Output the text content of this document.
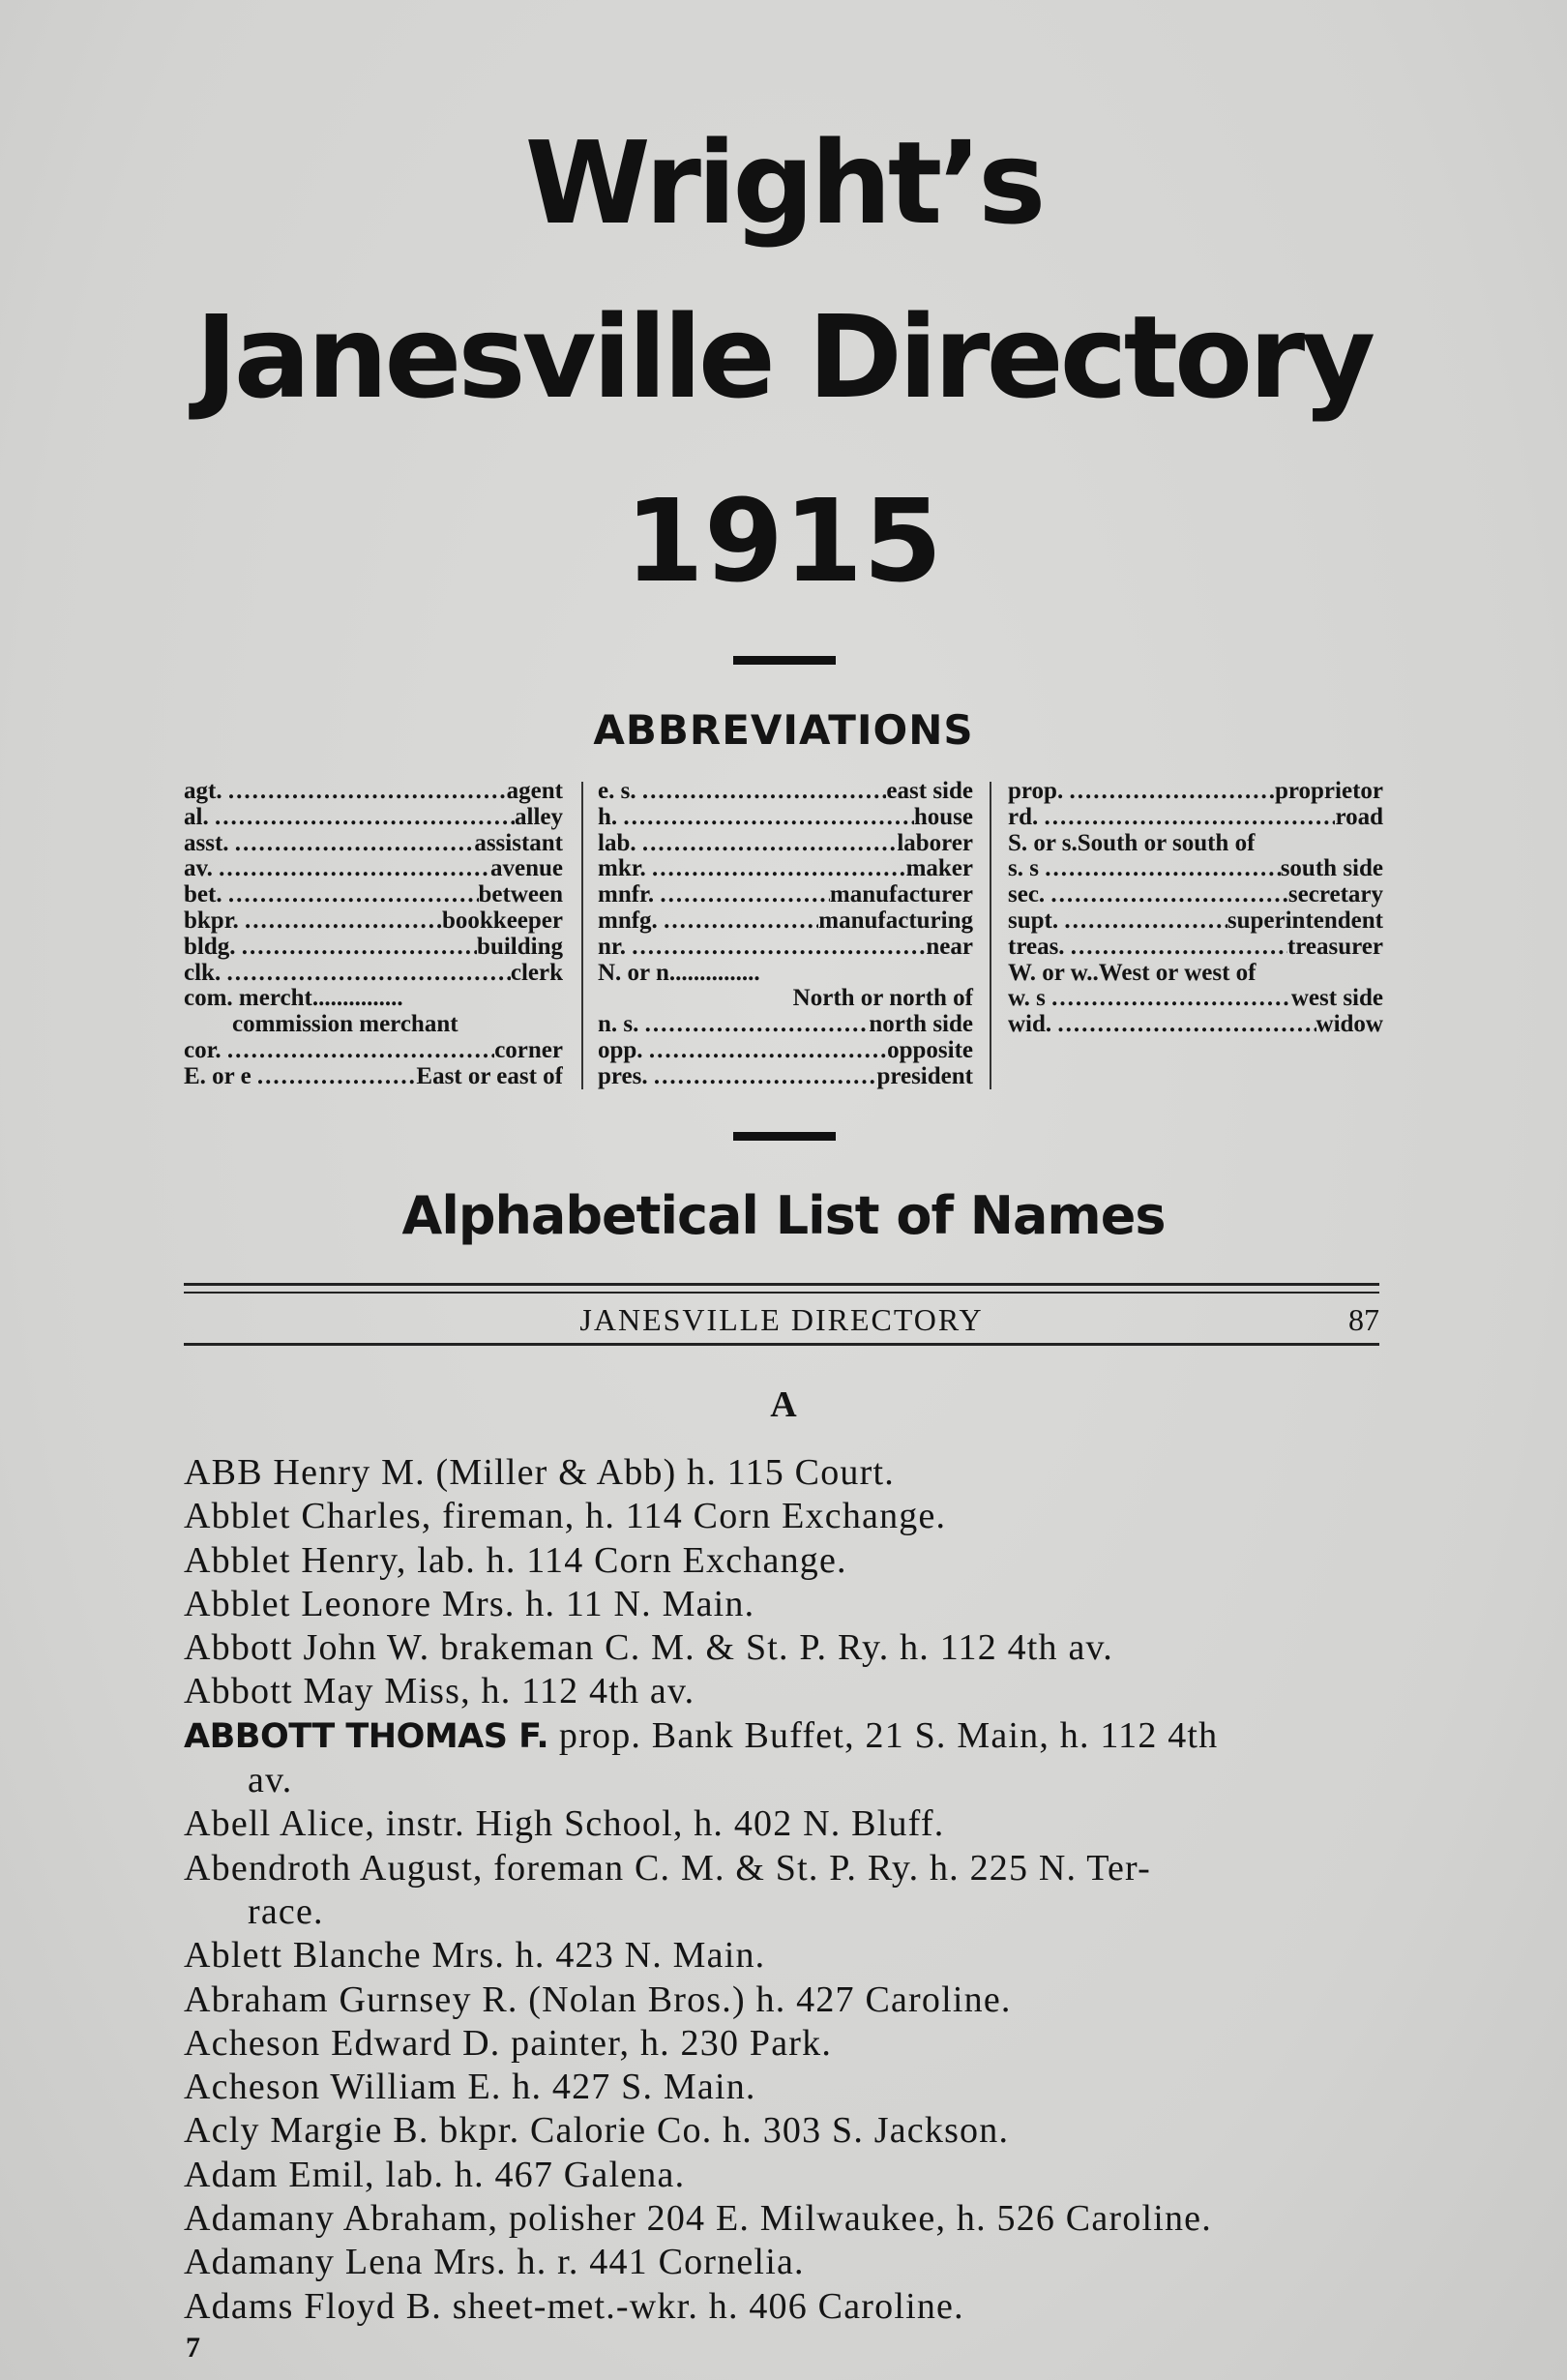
Wright’s
Janesville Directory
1915
ABBREVIATIONS
agt. .....	agent
al. .....	alley
asst. .....	assistant
av. .....	avenue
bet. .....	between
bkpr. .....	bookkeeper
bldg. .....	building
clk. .....	clerk
com. mercht...............
commission merchant
cor. .....	corner
E. or e .....	East or east of
e. s. .....	east side
h. .....	house
lab. .....	laborer
mkr. .....	maker
mnfr. .....	manufacturer
mnfg. .....	manufacturing
nr. .....	near
N. or n...............
North or north of
n. s. .....	north side
opp. .....	opposite
pres. .....	president
prop. .....	proprietor
rd. .....	road
S. or s.South or south of
s. s .....	south side
sec. .....	secretary
supt. .....	superintendent
treas. .....	treasurer
W. or w..West or west of
w. s .....	west side
wid. .....	widow
Alphabetical List of Names
JANESVILLE DIRECTORY	87
A
ABB Henry M. (Miller & Abb) h. 115 Court.
Abblet Charles, fireman, h. 114 Corn Exchange.
Abblet Henry, lab. h. 114 Corn Exchange.
Abblet Leonore Mrs. h. 11 N. Main.
Abbott John W. brakeman C. M. & St. P. Ry. h. 112 4th av.
Abbott May Miss, h. 112 4th av.
ABBOTT THOMAS F. prop. Bank Buffet, 21 S. Main, h. 112 4th
av.
Abell Alice, instr. High School, h. 402 N. Bluff.
Abendroth August, foreman C. M. & St. P. Ry. h. 225 N. Ter-
race.
Ablett Blanche Mrs. h. 423 N. Main.
Abraham Gurnsey R. (Nolan Bros.) h. 427 Caroline.
Acheson Edward D. painter, h. 230 Park.
Acheson William E. h. 427 S. Main.
Acly Margie B. bkpr. Calorie Co. h. 303 S. Jackson.
Adam Emil, lab. h. 467 Galena.
Adamany Abraham, polisher 204 E. Milwaukee, h. 526 Caroline.
Adamany Lena Mrs. h. r. 441 Cornelia.
Adams Floyd B. sheet-met.-wkr. h. 406 Caroline.
7
